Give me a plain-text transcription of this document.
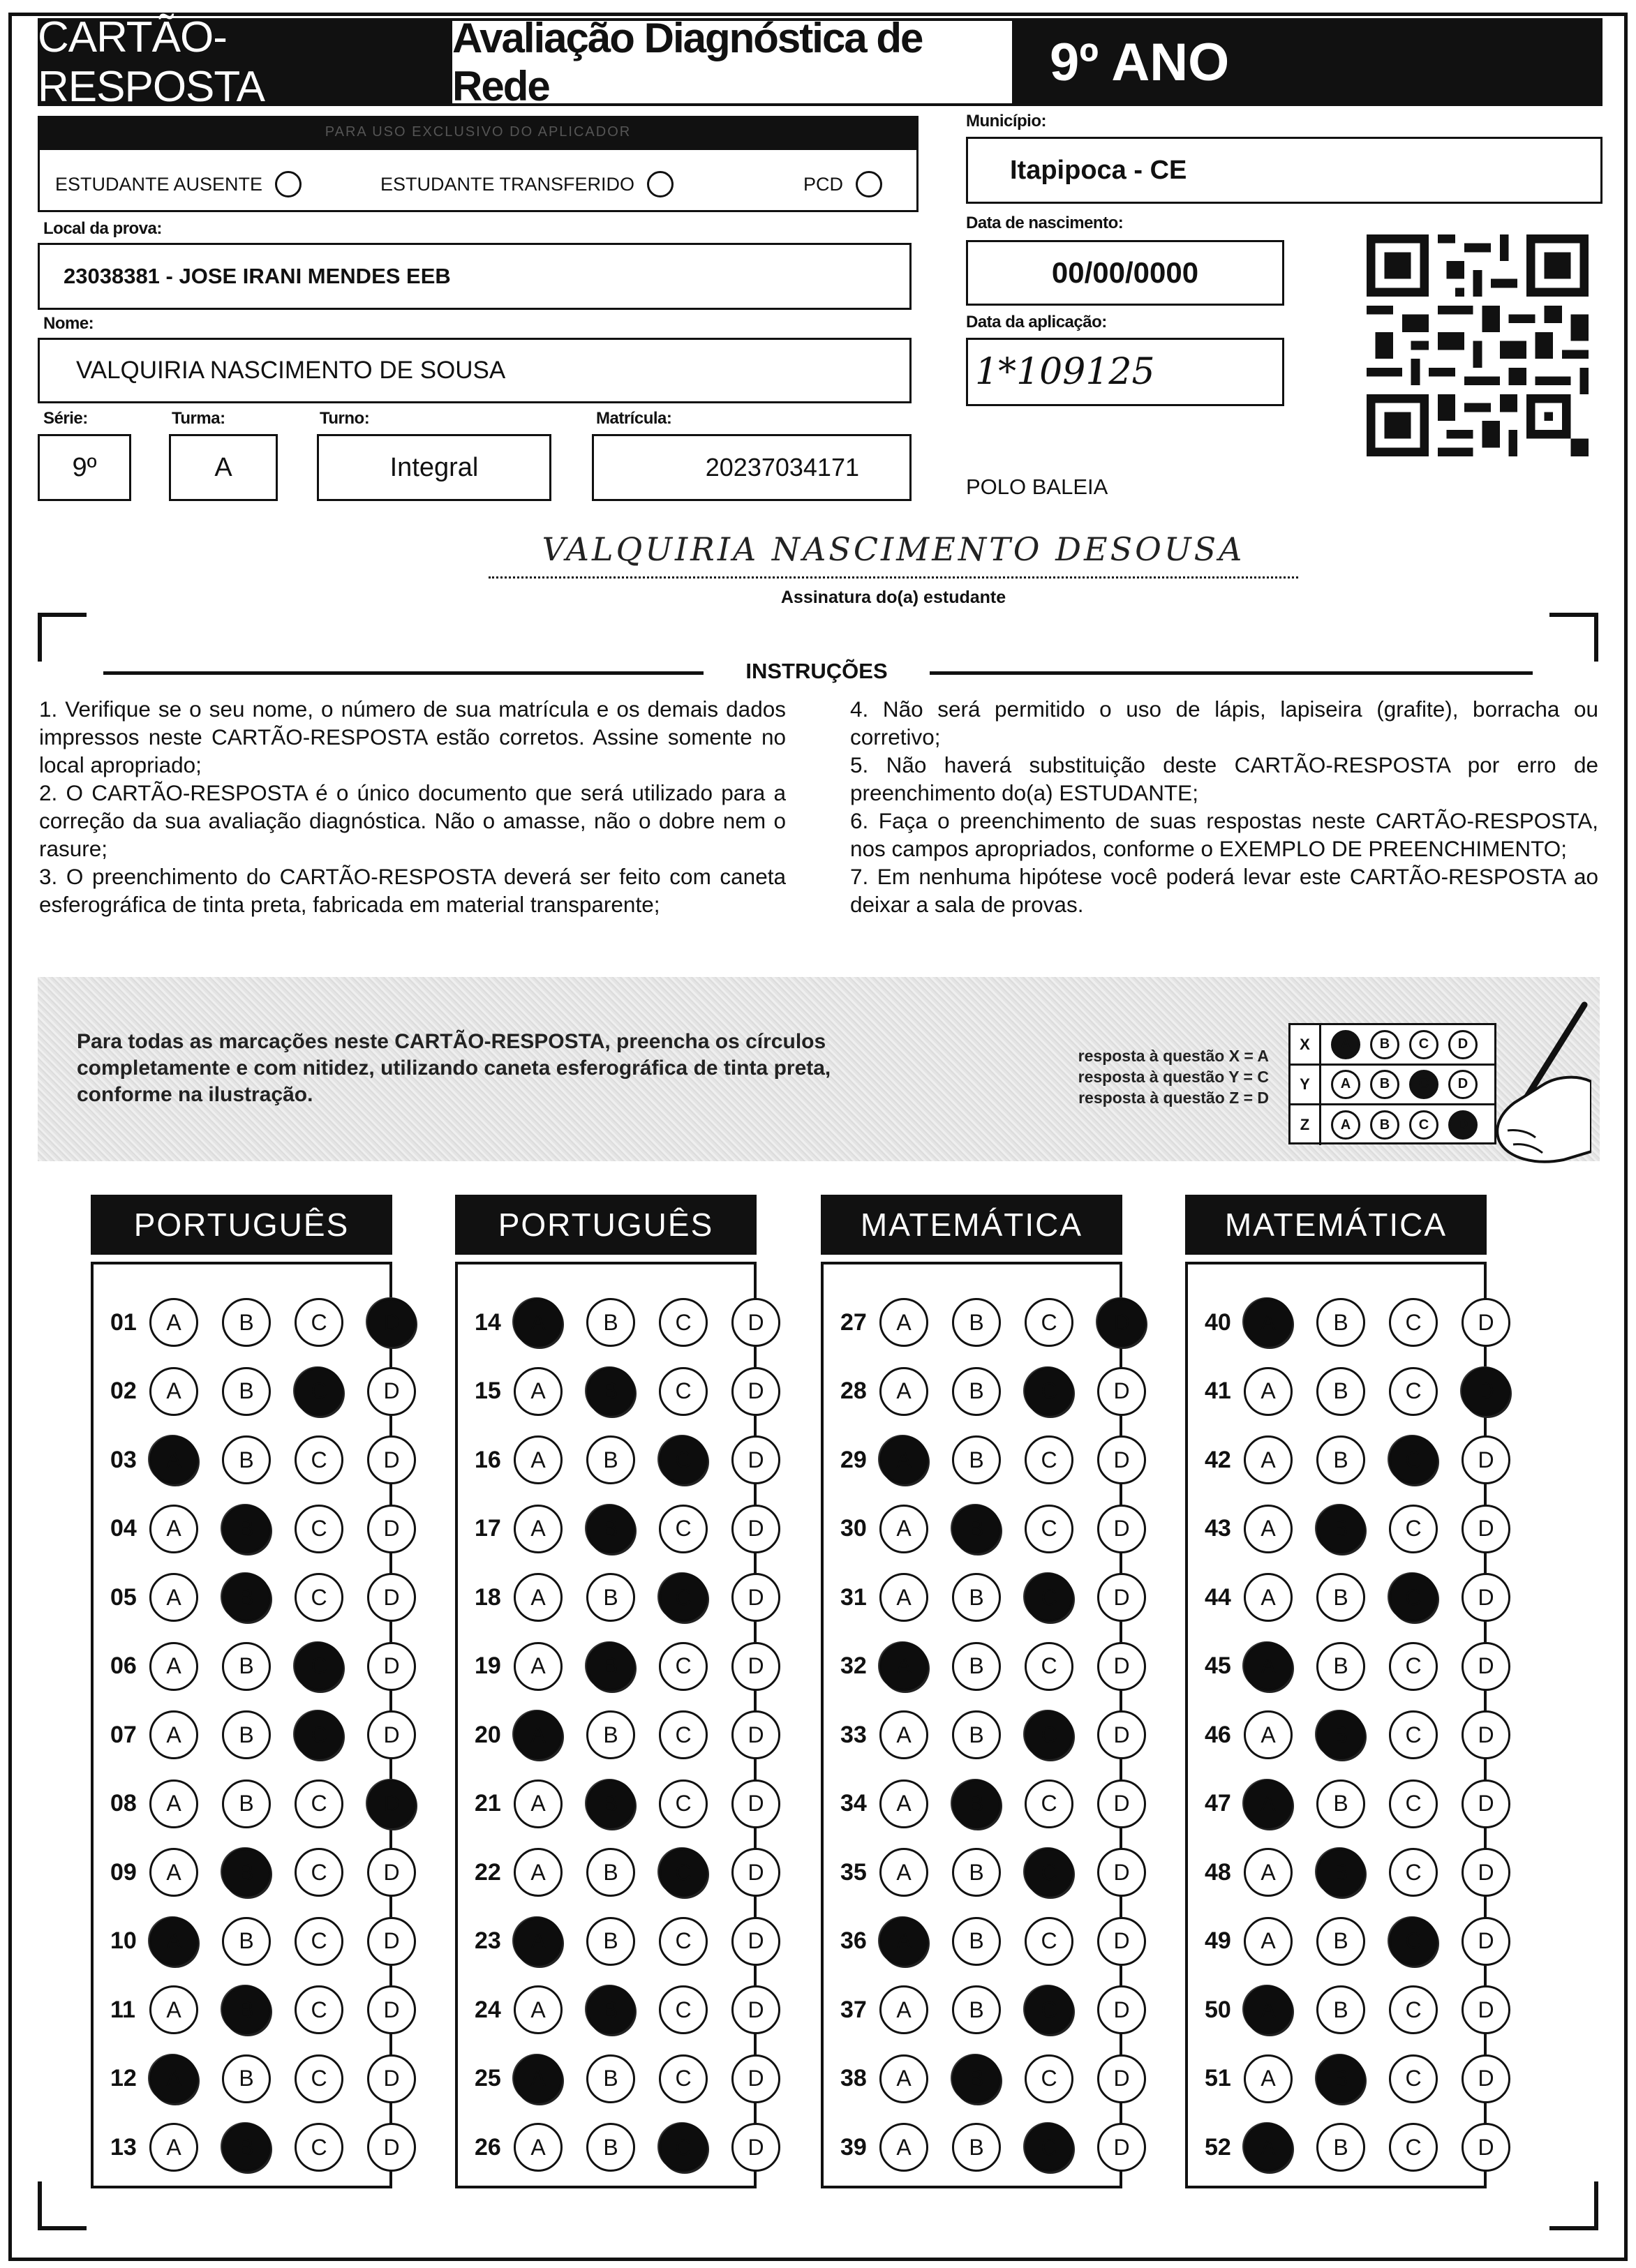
CARTÃO-RESPOSTA
Avaliação Diagnóstica de Rede	9º ANO
PARA USO EXCLUSIVO DO APLICADOR
ESTUDANTE AUSENTE	ESTUDANTE TRANSFERIDO	PCD
Município:
Itapipoca - CE
Local da prova:
23038381 - JOSE IRANI MENDES EEB
Data de nascimento:
00/00/0000
Nome:
VALQUIRIA NASCIMENTO DE SOUSA
Data da aplicação:
1*109125
Série:
9º
Turma:
A
Turno:
Integral
Matrícula:
20237034171
POLO BALEIA
VALQUIRIA NASCIMENTO DESOUSA
Assinatura do(a) estudante
INSTRUÇÕES

1. Verifique se o seu nome, o número de sua matrícula e os demais dados impressos neste CARTÃO-RESPOSTA estão corretos. Assine somente no local apropriado;

2. O CARTÃO-RESPOSTA é o único documento que será utilizado para a correção da sua avaliação diagnóstica. Não o amasse, não o dobre nem o rasure;

3. O preenchimento do CARTÃO-RESPOSTA deverá ser feito com caneta esferográfica de tinta preta, fabricada em material transparente;

4. Não será permitido o uso de lápis, lapiseira (grafite), borracha ou corretivo;

5. Não haverá substituição deste CARTÃO-RESPOSTA por erro de preenchimento do(a) ESTUDANTE;

6. Faça o preenchimento de suas respostas neste CARTÃO-RESPOSTA, nos campos apropriados, conforme o EXEMPLO DE PREENCHIMENTO;

7. Em nenhuma hipótese você poderá levar este CARTÃO-RESPOSTA ao deixar a sala de provas.

Para todas as marcações neste CARTÃO-RESPOSTA, preencha os círculos completamente e com nitidez, utilizando caneta esferográfica de tinta preta, conforme na ilustração.
resposta à questão X = A
resposta à questão Y = C
resposta à questão Z = D
X	A	B	C	D
Y	A	B	C	D
Z	A	B	C	D
PORTUGUÊS
01	A	B	C	D
02	A	B	C	D
03	A	B	C	D
04	A	B	C	D
05	A	B	C	D
06	A	B	C	D
07	A	B	C	D
08	A	B	C	D
09	A	B	C	D
10	A	B	C	D
11	A	B	C	D
12	A	B	C	D
13	A	B	C	D
PORTUGUÊS
14	A	B	C	D
15	A	B	C	D
16	A	B	C	D
17	A	B	C	D
18	A	B	C	D
19	A	B	C	D
20	A	B	C	D
21	A	B	C	D
22	A	B	C	D
23	A	B	C	D
24	A	B	C	D
25	A	B	C	D
26	A	B	C	D
MATEMÁTICA
27	A	B	C	D
28	A	B	C	D
29	A	B	C	D
30	A	B	C	D
31	A	B	C	D
32	A	B	C	D
33	A	B	C	D
34	A	B	C	D
35	A	B	C	D
36	A	B	C	D
37	A	B	C	D
38	A	B	C	D
39	A	B	C	D
MATEMÁTICA
40	A	B	C	D
41	A	B	C	D
42	A	B	C	D
43	A	B	C	D
44	A	B	C	D
45	A	B	C	D
46	A	B	C	D
47	A	B	C	D
48	A	B	C	D
49	A	B	C	D
50	A	B	C	D
51	A	B	C	D
52	A	B	C	D
